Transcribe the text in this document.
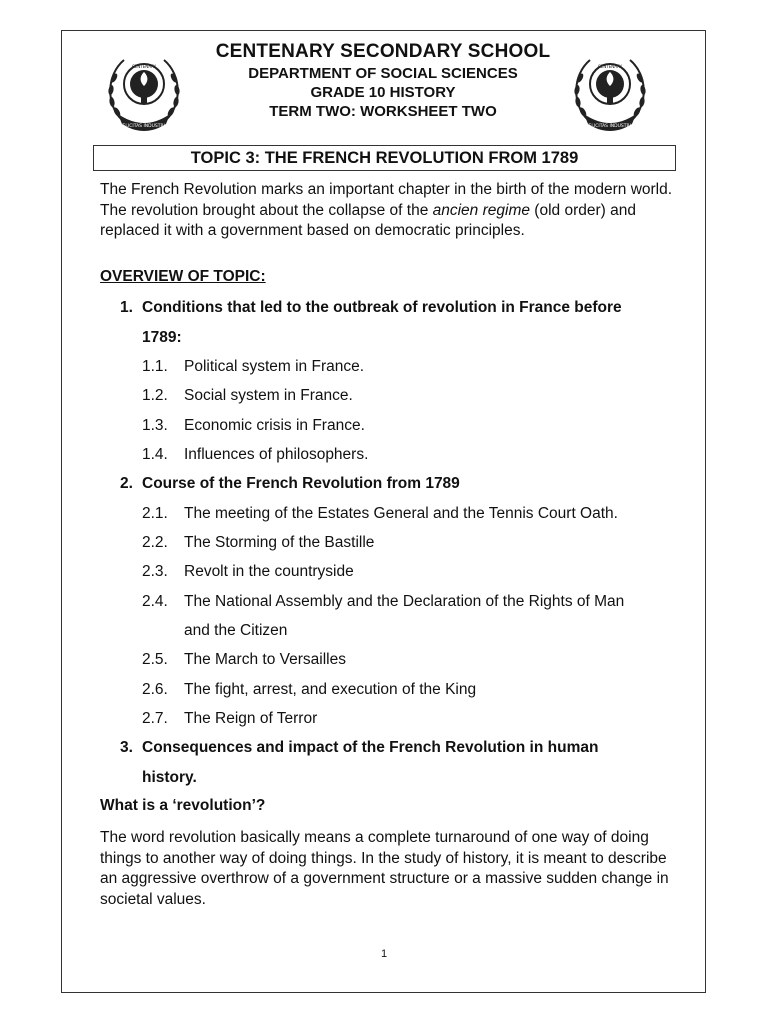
CENTENARY
FELICITAS INDUSTRIA
CENTENARY
FELICITAS INDUSTRIA

CENTENARY SECONDARY SCHOOL

DEPARTMENT OF SOCIAL SCIENCES

GRADE 10 HISTORY

TERM TWO: WORKSHEET TWO

TOPIC 3: THE FRENCH REVOLUTION FROM 1789

The French Revolution marks an important chapter in the birth of the modern world. The revolution brought about the collapse of the ancien regime (old order) and replaced it with a government based on democratic principles.

OVERVIEW OF TOPIC:

1. Conditions that led to the outbreak of revolution in France before
1789:
1.1. Political system in France.
1.2. Social system in France.
1.3. Economic crisis in France.
1.4. Influences of philosophers.
2. Course of the French Revolution from 1789
2.1. The meeting of the Estates General and the Tennis Court Oath.
2.2. The Storming of the Bastille
2.3. Revolt in the countryside
2.4. The National Assembly and the Declaration of the Rights of Man
and the Citizen
2.5. The March to Versailles
2.6. The fight, arrest, and execution of the King
2.7. The Reign of Terror
3. Consequences and impact of the French Revolution in human
history.

What is a ‘revolution’?

The word revolution basically means a complete turnaround of one way of doing things to another way of doing things. In the study of history, it is meant to describe an aggressive overthrow of a government structure or a massive sudden change in societal values.

1
